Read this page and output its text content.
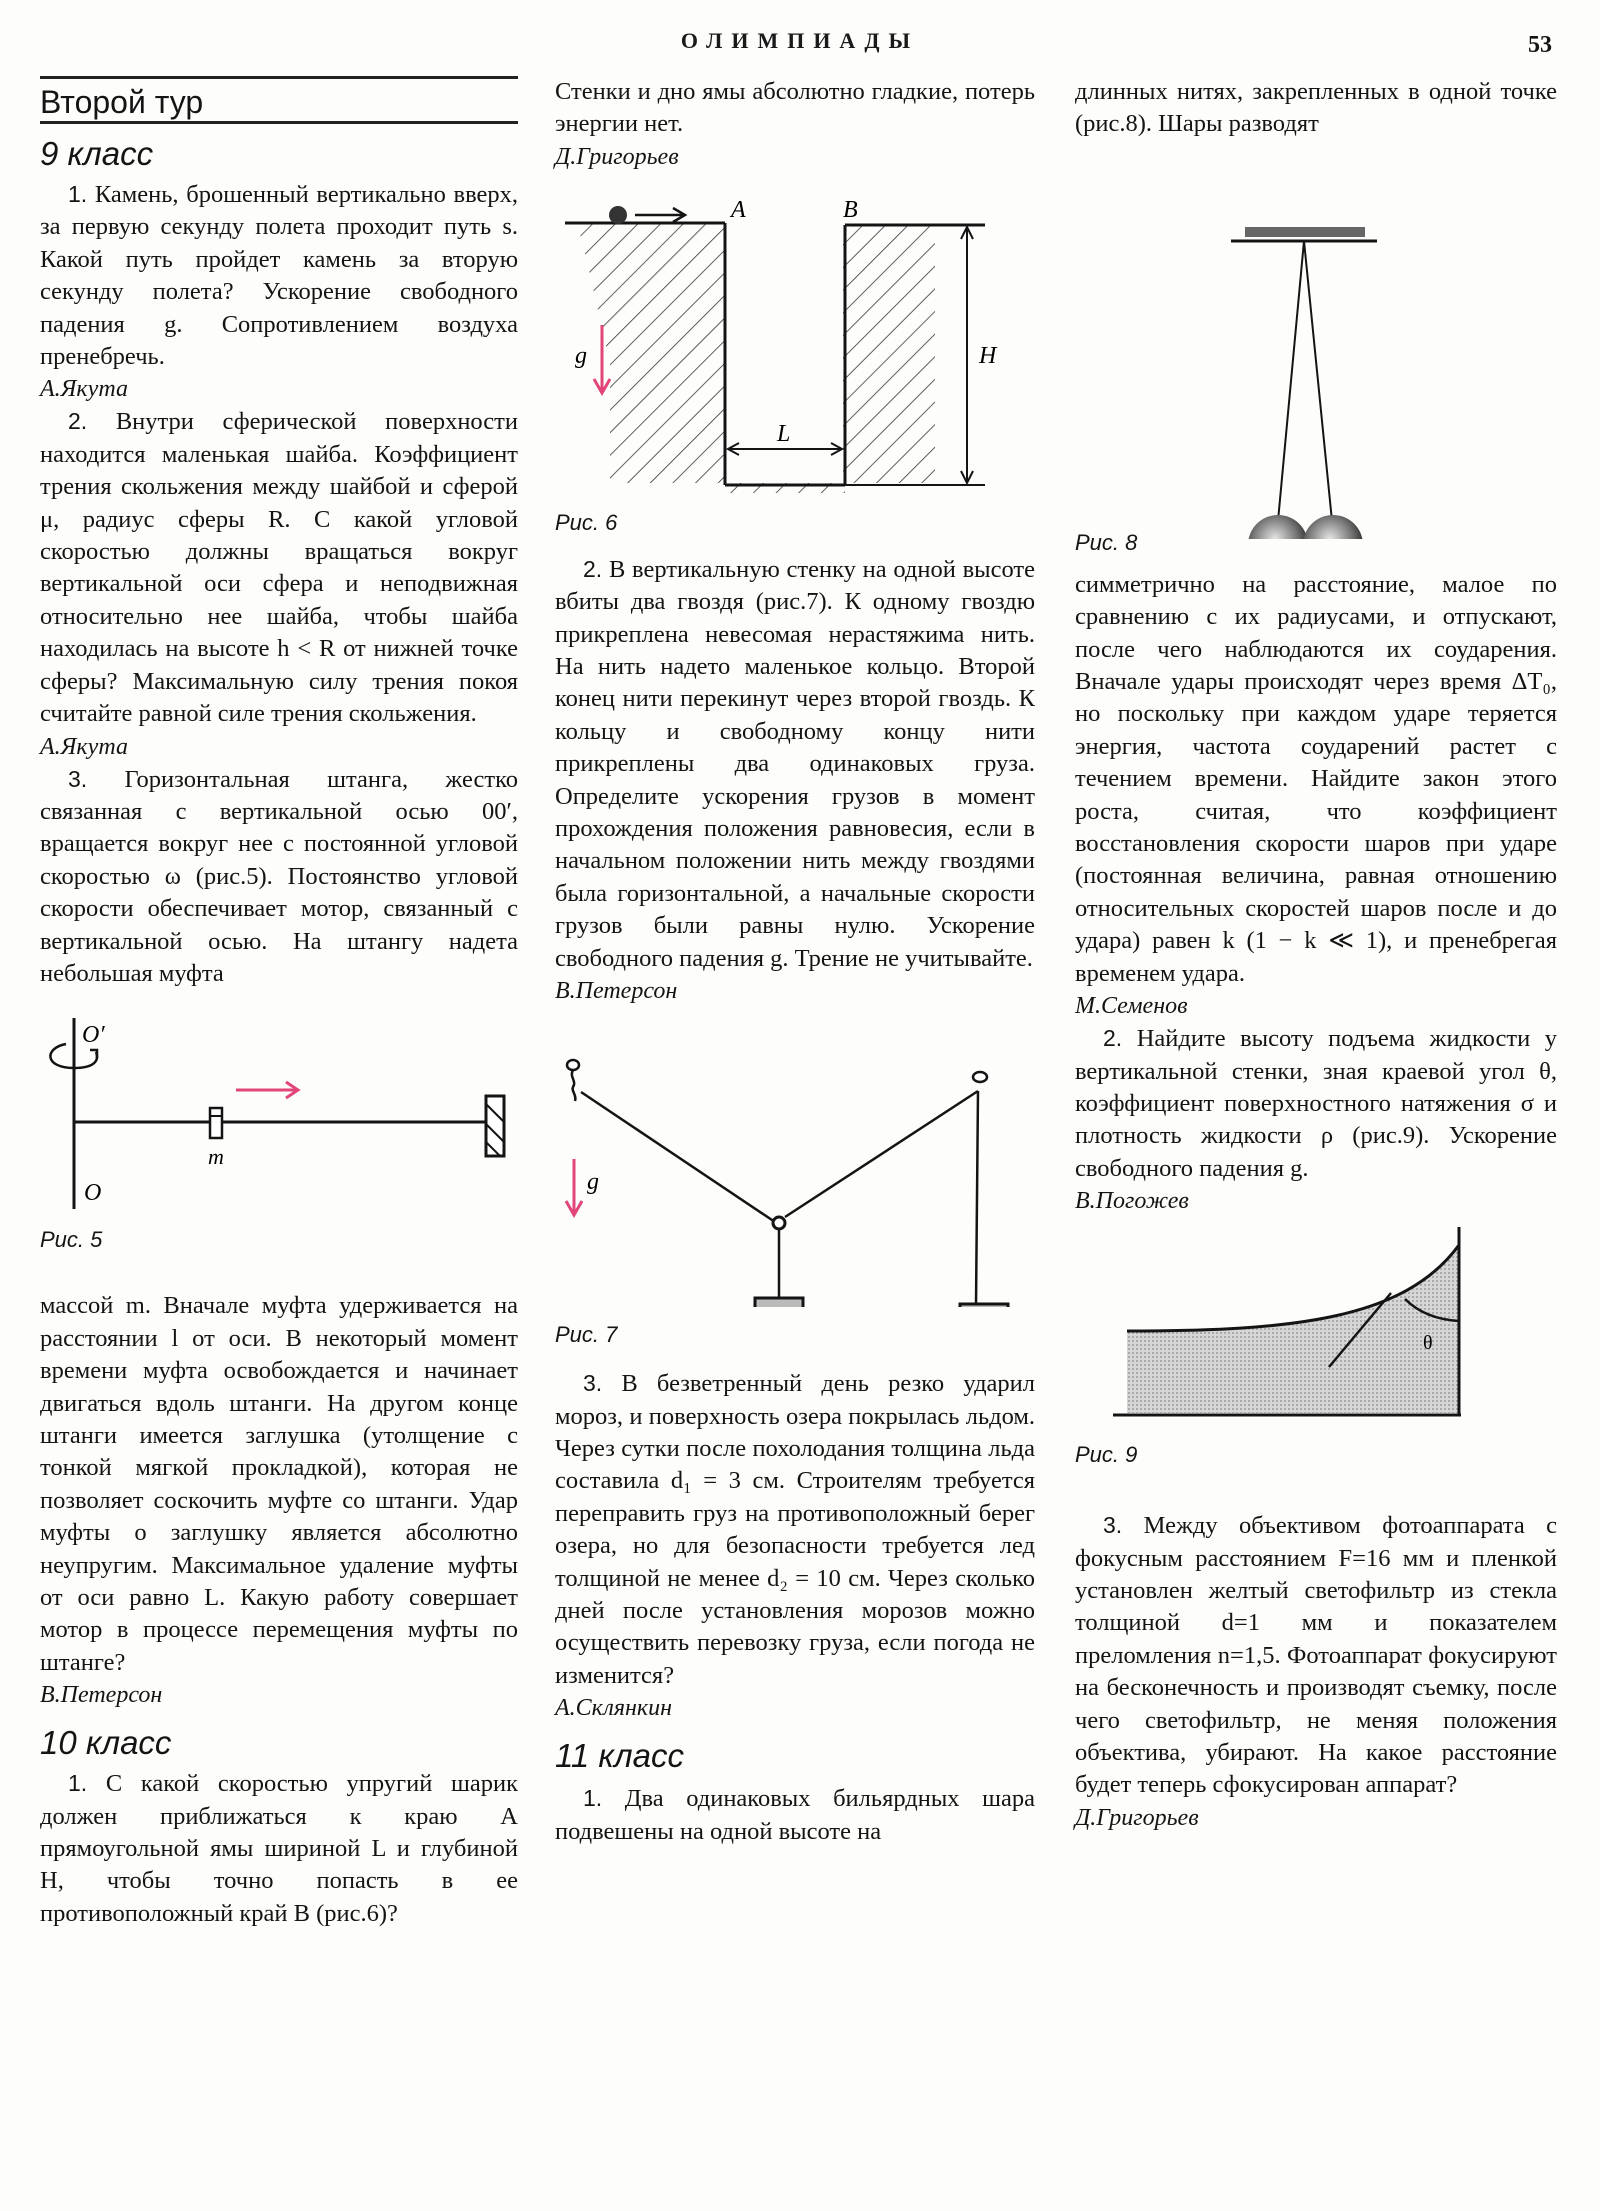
ОЛИМПИАДЫ	53
Второй тур
9 класс

1. Камень, брошенный вертикально вверх, за первую секунду полета проходит путь s. Какой путь пройдет камень за вторую секунду полета? Ускорение свободного падения g. Сопротивлением воздуха пренебречь.

А.Якута

2. Внутри сферической поверхности находится маленькая шайба. Коэффициент трения скольжения между шайбой и сферой μ, радиус сферы R. С какой угловой скоростью должны вращаться вокруг вертикальной оси сфера и неподвижная относительно нее шайба, чтобы шайба находилась на высоте h < R от нижней точке сферы? Максимальную силу трения покоя считайте равной силе трения скольжения.

А.Якута

3. Горизонтальная штанга, жестко связанная с вертикальной осью 00′, вращается вокруг нее с постоянной угловой скоростью ω (рис.5). Постоянство угловой скорости обеспечивает мотор, связанный с вертикальной осью. На штангу надета небольшая муфта

O′
O
m

Рис. 5

массой m. Вначале муфта удерживается на расстоянии l от оси. В некоторый момент времени муфта освобождается и начинает двигаться вдоль штанги. На другом конце штанги имеется заглушка (утолщение с тонкой мягкой прокладкой), которая не позволяет соскочить муфте со штанги. Удар муфты о заглушку является абсолютно неупругим. Максимальное удаление муфты от оси равно L. Какую работу совершает мотор в процессе перемещения муфты по штанге?

В.Петерсон

10 класс

1. С какой скоростью упругий шарик должен приближаться к краю A прямоугольной ямы шириной L и глубиной H, чтобы точно попасть в ее противоположный край B (рис.6)?

Стенки и дно ямы абсолютно гладкие, потерь энергии нет.

Д.Григорьев

A	B
H
L
g

Рис. 6

2. В вертикальную стенку на одной высоте вбиты два гвоздя (рис.7). К одному гвоздю прикреплена невесомая нерастяжима нить. На нить надето маленькое кольцо. Второй конец нити перекинут через второй гвоздь. К кольцу и свободному концу нити прикреплены два одинаковых груза. Определите ускорения грузов в момент прохождения положения равновесия, если в начальном положении нить между гвоздями была горизонтальной, а начальные скорости грузов были равны нулю. Ускорение свободного падения g. Трение не учитывайте.

В.Петерсон

g

Рис. 7

3. В безветренный день резко ударил мороз, и поверхность озера покрылась льдом. Через сутки после похолодания толщина льда составила d₁ = 3 см. Строителям требуется переправить груз на противоположный берег озера, но для безопасности требуется лед толщиной не менее d₂ = 10 см. Через сколько дней после установления морозов можно осуществить перевозку груза, если погода не изменится?

А.Склянкин

11 класс

1. Два одинаковых бильярдных шара подвешены на одной высоте на

длинных нитях, закрепленных в одной точке (рис.8). Шары разводят

Рис. 8

симметрично на расстояние, малое по сравнению с их радиусами, и отпускают, после чего наблюдаются их соударения. Вначале удары происходят через время ΔT₀, но поскольку при каждом ударе теряется энергия, частота соударений растет с течением времени. Найдите закон этого роста, считая, что коэффициент восстановления скорости шаров при ударе (постоянная величина, равная отношению относительных скоростей шаров после и до удара) равен k (1 − k ≪ 1), и пренебрегая временем удара.

М.Семенов

2. Найдите высоту подъема жидкости у вертикальной стенки, зная краевой угол θ, коэффициент поверхностного натяжения σ и плотность жидкости ρ (рис.9). Ускорение свободного падения g.

В.Погожев

θ

Рис. 9

3. Между объективом фотоаппарата с фокусным расстоянием F=16 мм и пленкой установлен желтый светофильтр из стекла толщиной d=1 мм и показателем преломления n=1,5. Фотоаппарат фокусируют на бесконечность и производят съемку, после чего светофильтр, не меняя положения объектива, убирают. На какое расстояние будет теперь сфокусирован аппарат?

Д.Григорьев
